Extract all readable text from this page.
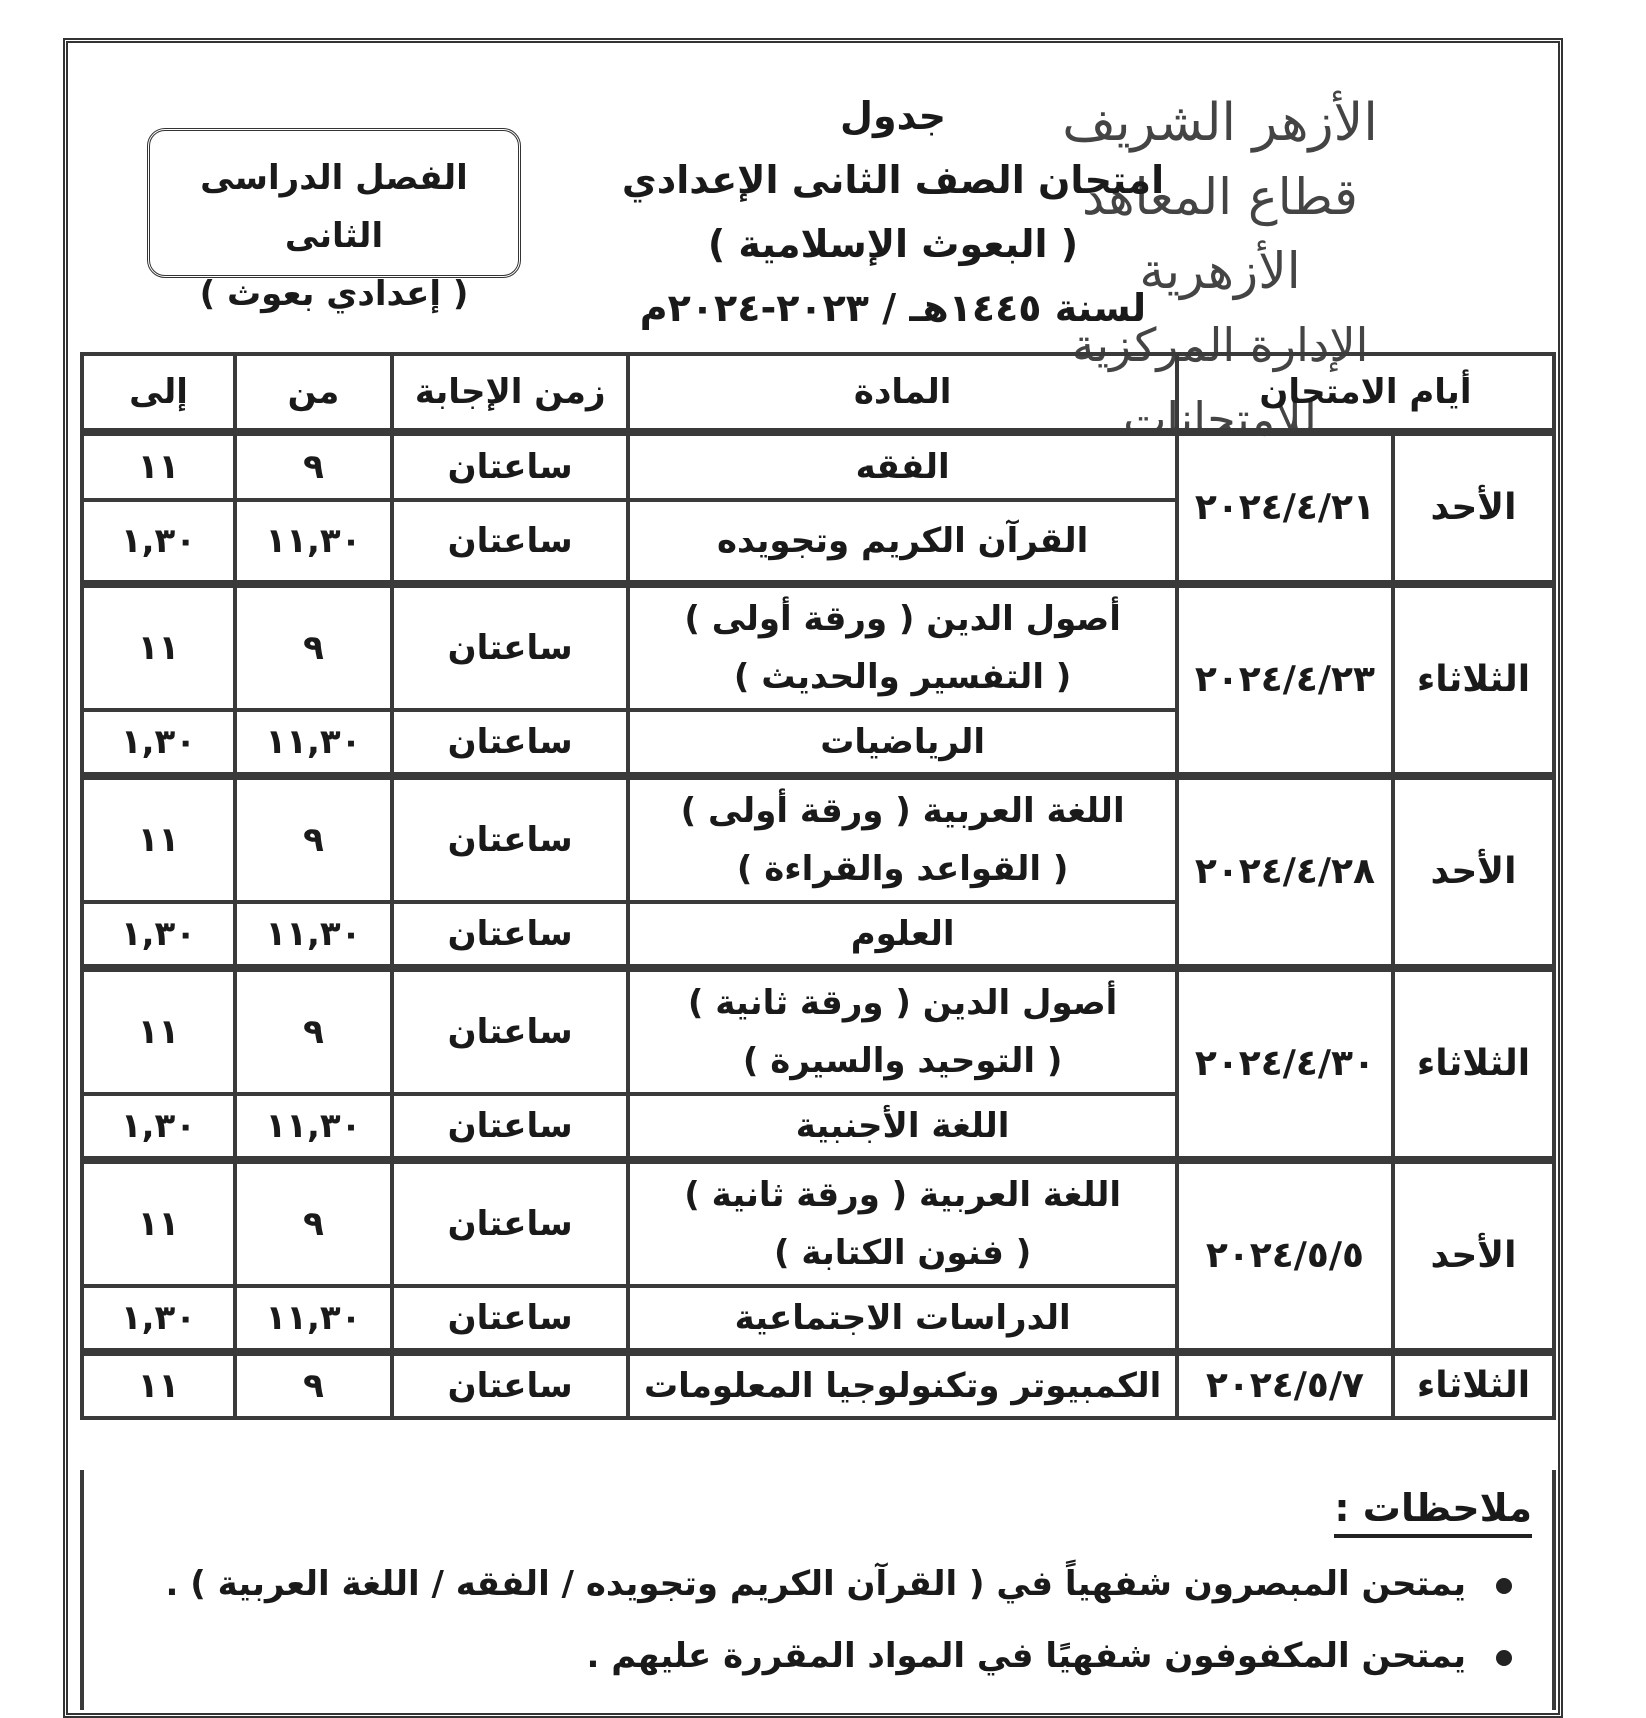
الأزهر الشريف
قطاع المعاهد الأزهرية
الإدارة المركزية للامتحانات
جدول
امتحان الصف الثانى الإعدادي
( البعوث الإسلامية )
لسنة ١٤٤٥هـ / ٢٠٢٣-٢٠٢٤م
الفصل الدراسى الثانى
( إعدادي بعوث )
أيام الامتحان		المادة	زمن الإجابة	من	إلى
الأحد	٢٠٢٤/٤/٢١	الفقه	ساعتان	٩	١١
		القرآن الكريم وتجويده	ساعتان	١١,٣٠	١,٣٠
الثلاثاء	٢٠٢٤/٤/٢٣	أصول الدين ( ورقة أولى )
( التفسير والحديث )	ساعتان	٩	١١
		الرياضيات	ساعتان	١١,٣٠	١,٣٠
الأحد	٢٠٢٤/٤/٢٨	اللغة العربية ( ورقة أولى )
( القواعد والقراءة )	ساعتان	٩	١١
		العلوم	ساعتان	١١,٣٠	١,٣٠
الثلاثاء	٢٠٢٤/٤/٣٠	أصول الدين ( ورقة ثانية )
( التوحيد والسيرة )	ساعتان	٩	١١
		اللغة الأجنبية	ساعتان	١١,٣٠	١,٣٠
الأحد	٢٠٢٤/٥/٥	اللغة العربية ( ورقة ثانية )
( فنون الكتابة )	ساعتان	٩	١١
		الدراسات الاجتماعية	ساعتان	١١,٣٠	١,٣٠
الثلاثاء	٢٠٢٤/٥/٧	الكمبيوتر وتكنولوجيا المعلومات	ساعتان	٩	١١
ملاحظات :
يمتحن المبصرون شفهياً في ( القرآن الكريم وتجويده / الفقه / اللغة العربية ) .
يمتحن المكفوفون شفهيًا في المواد المقررة عليهم .
